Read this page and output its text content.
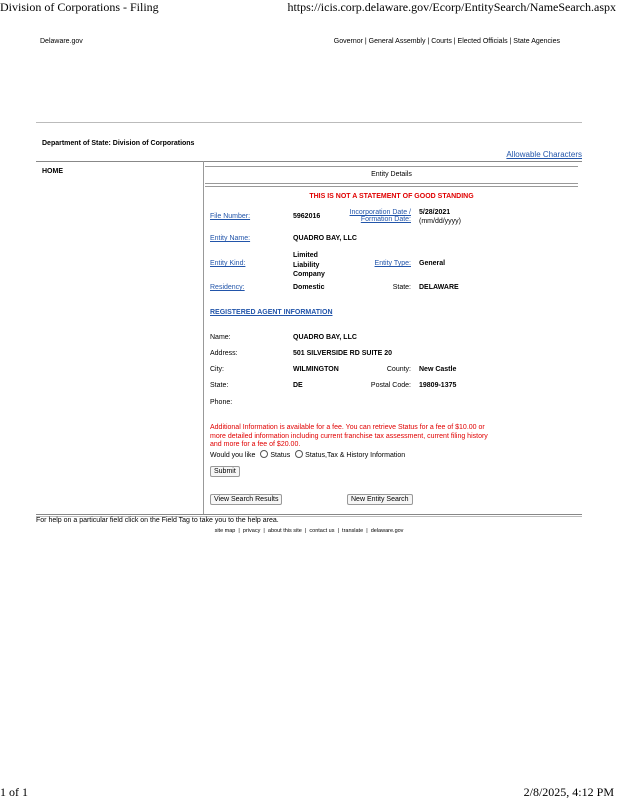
Division of Corporations - Filing	https://icis.corp.delaware.gov/Ecorp/EntitySearch/NameSearch.aspx
Delaware.gov	Governor | General Assembly | Courts | Elected Officials | State Agencies
Department of State: Division of Corporations
Allowable Characters
HOME	Entity Details
THIS IS NOT A STATEMENT OF GOOD STANDING
File Number:	5962016
Incorporation Date /
Formation Date:
5/28/2021
(mm/dd/yyyy)
Entity Name:	QUADRO BAY, LLC
Entity Kind:
Limited
Liability
Company
Entity Type: General
Residency:	Domestic	State: DELAWARE
REGISTERED AGENT INFORMATION
Name:	QUADRO BAY, LLC
Address:	501 SILVERSIDE RD SUITE 20
City:	WILMINGTON	County: New Castle
State:	DE	Postal Code: 19809-1375
Phone:
Additional Information is available for a fee. You can retrieve Status for a fee of $10.00 or
more detailed information including current franchise tax assessment, current filing history
and more for a fee of $20.00.
Would you like Status Status,Tax & History Information
Submit
View Search Results	New Entity Search
For help on a particular field click on the Field Tag to take you to the help area.
site map | privacy | about this site | contact us | translate | delaware.gov
1 of 1	2/8/2025, 4:12 PM
